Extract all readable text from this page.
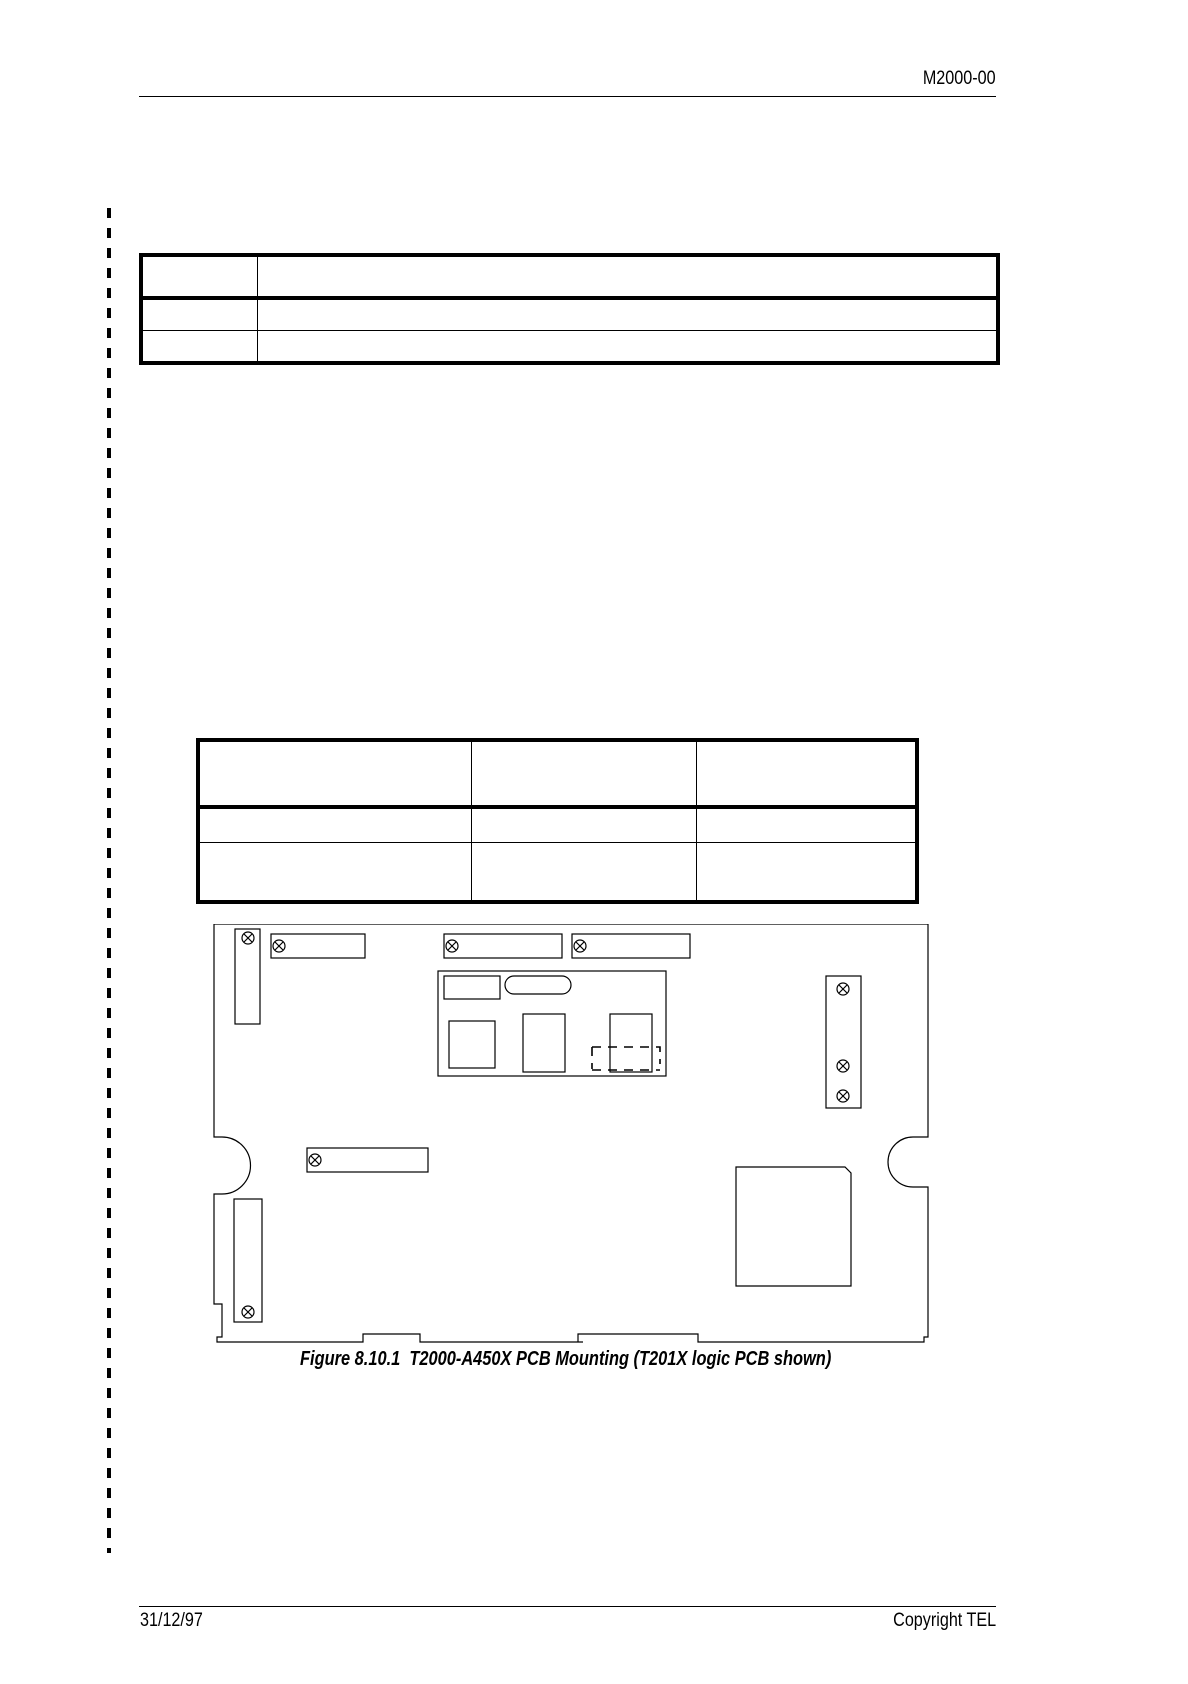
M2000-00

Figure 8.10.1  T2000-A450X PCB Mounting (T201X logic PCB shown)
31/12/97	Copyright TEL
